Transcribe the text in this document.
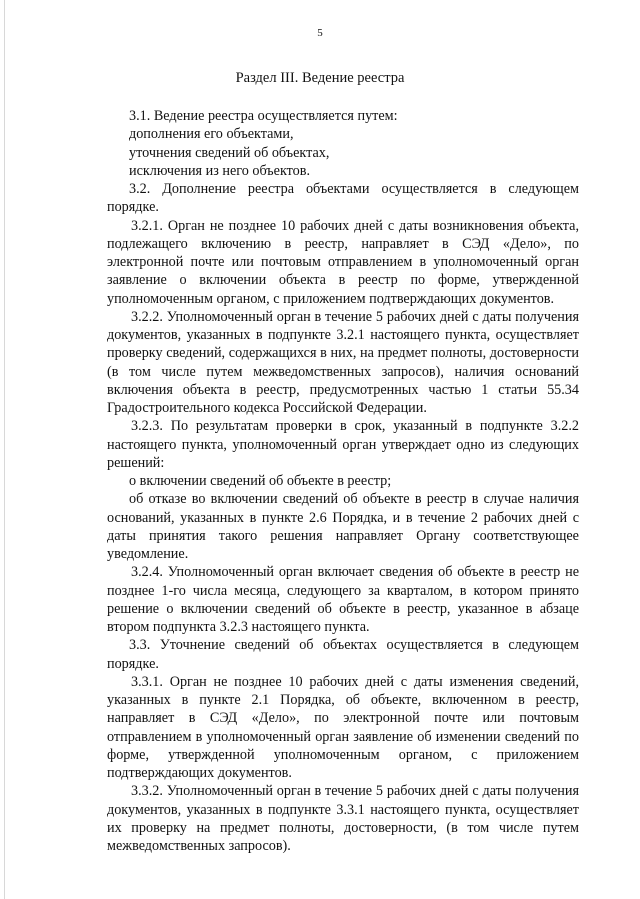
5
Раздел III. Ведение реестра

3.1. Ведение реестра осуществляется путем:

дополнения его объектами,

уточнения сведений об объектах,

исключения из него объектов.

3.2. Дополнение реестра объектами осуществляется в следующем порядке.

3.2.1. Орган не позднее 10 рабочих дней с даты возникновения объекта, подлежащего включению в реестр, направляет в СЭД «Дело», по электронной почте или почтовым отправлением в уполномоченный орган заявление о включении объекта в реестр по форме, утвержденной уполномоченным органом, с приложением подтверждающих документов.

3.2.2. Уполномоченный орган в течение 5 рабочих дней с даты получения документов, указанных в подпункте 3.2.1 настоящего пункта, осуществляет проверку сведений, содержащихся в них, на предмет полноты, достоверности (в том числе путем межведомственных запросов), наличия оснований включения объекта в реестр, предусмотренных частью 1 статьи 55.34 Градостроительного кодекса Российской Федерации.

3.2.3. По результатам проверки в срок, указанный в подпункте 3.2.2 настоящего пункта, уполномоченный орган утверждает одно из следующих решений:

о включении сведений об объекте в реестр;

об отказе во включении сведений об объекте в реестр в случае наличия оснований, указанных в пункте 2.6 Порядка, и в течение 2 рабочих дней с даты принятия такого решения направляет Органу соответствующее уведомление.

3.2.4. Уполномоченный орган включает сведения об объекте в реестр не позднее 1-го числа месяца, следующего за кварталом, в котором принято решение о включении сведений об объекте в реестр, указанное в абзаце втором подпункта 3.2.3 настоящего пункта.

3.3. Уточнение сведений об объектах осуществляется в следующем порядке.

3.3.1. Орган не позднее 10 рабочих дней с даты изменения сведений, указанных в пункте 2.1 Порядка, об объекте, включенном в реестр, направляет в СЭД «Дело», по электронной почте или почтовым отправлением в уполномоченный орган заявление об изменении сведений по форме, утвержденной уполномоченным органом, с приложением подтверждающих документов.

3.3.2. Уполномоченный орган в течение 5 рабочих дней с даты получения документов, указанных в подпункте 3.3.1 настоящего пункта, осуществляет их проверку на предмет полноты, достоверности, (в том числе путем межведомственных запросов).
